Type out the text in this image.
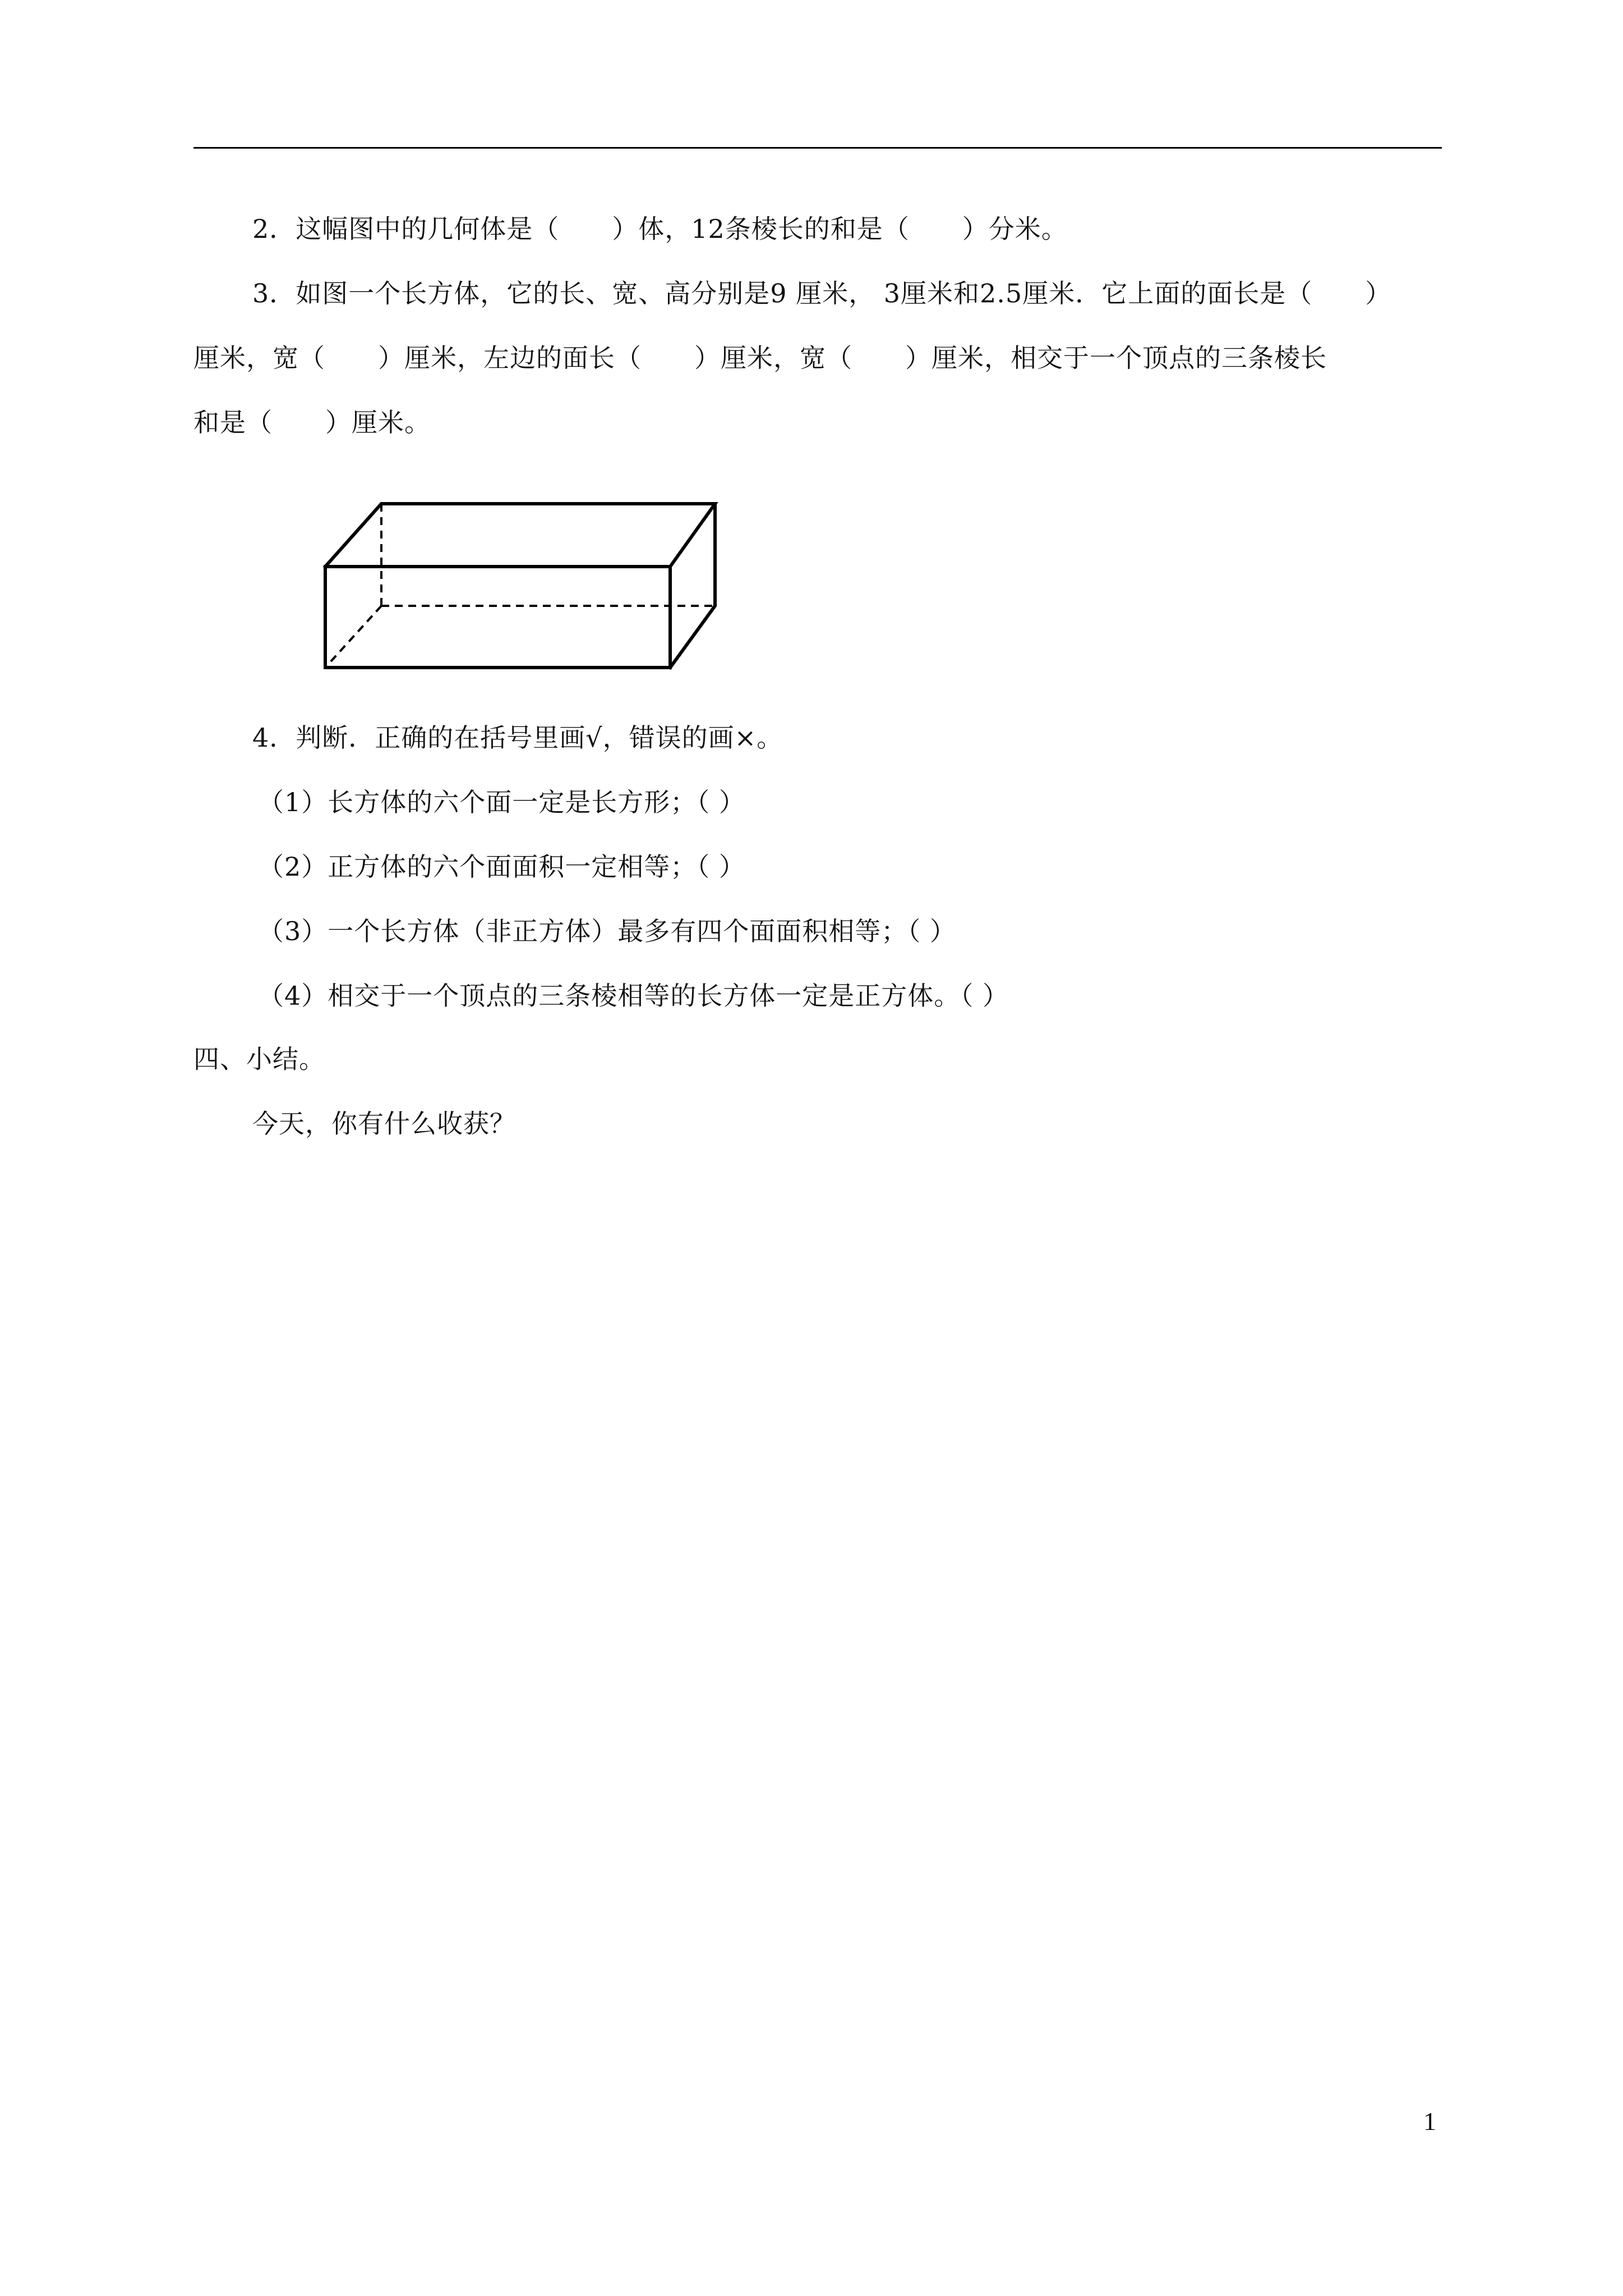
2．这幅图中的几何体是（　　）体，12条棱长的和是（　　）分米。
3．如图一个长方体，它的长、宽、高分别是9 厘米， 3厘米和2.5厘米．它上面的面长是（　　）
厘米，宽（　　）厘米，左边的面长（　　）厘米，宽（　　）厘米，相交于一个顶点的三条棱长
和是（　　）厘米。
4．判断．正确的在括号里画√，错误的画×。
（1）长方体的六个面一定是长方形；（ ）
（2）正方体的六个面面积一定相等；（ ）
（3）一个长方体（非正方体）最多有四个面面积相等；（ ）
（4）相交于一个顶点的三条棱相等的长方体一定是正方体。（ ）
四、小结。
今天，你有什么收获？
1
